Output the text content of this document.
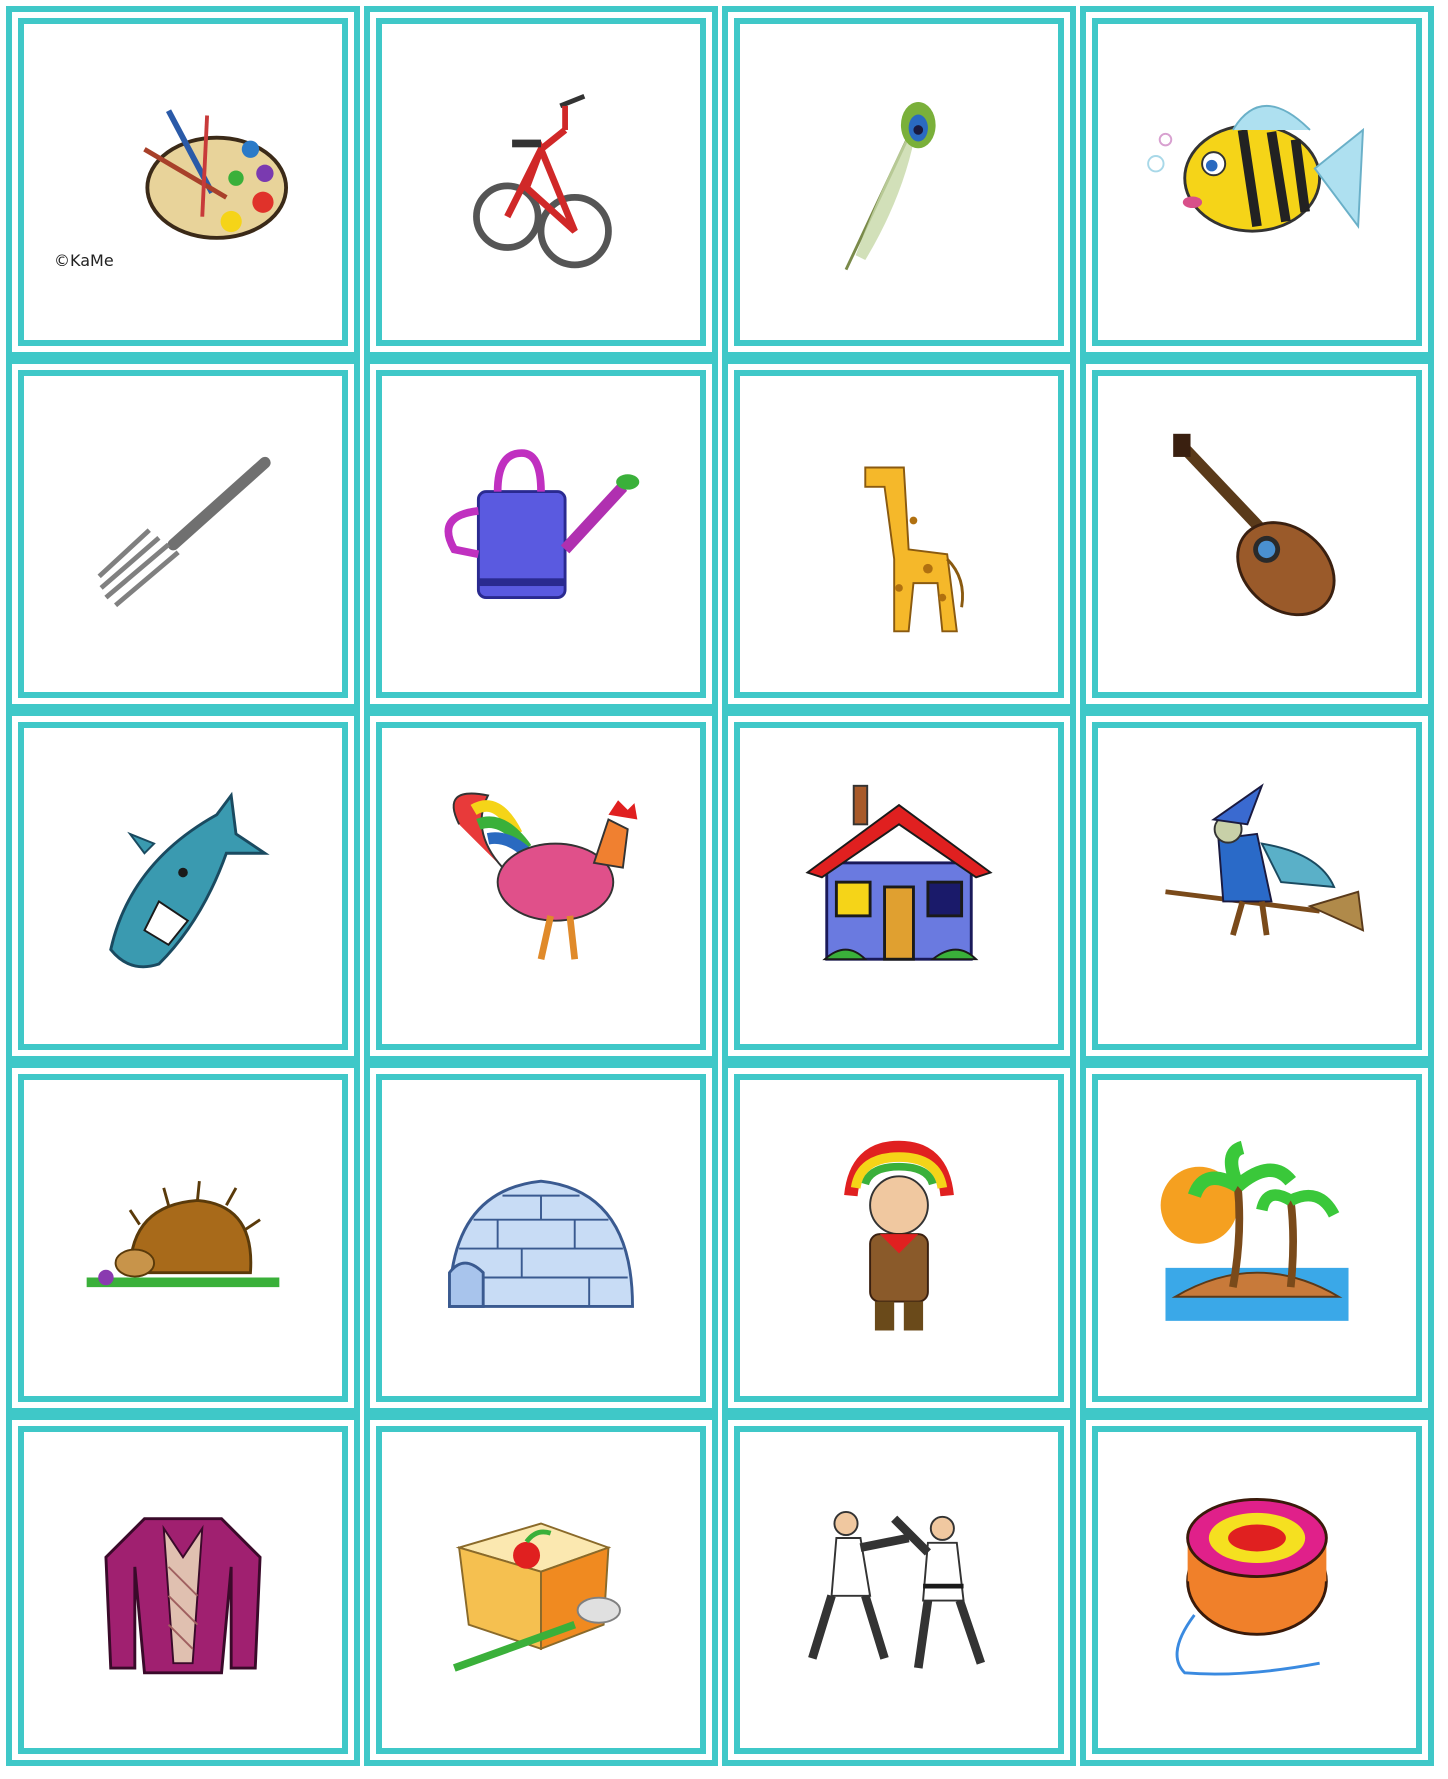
©KaMe
